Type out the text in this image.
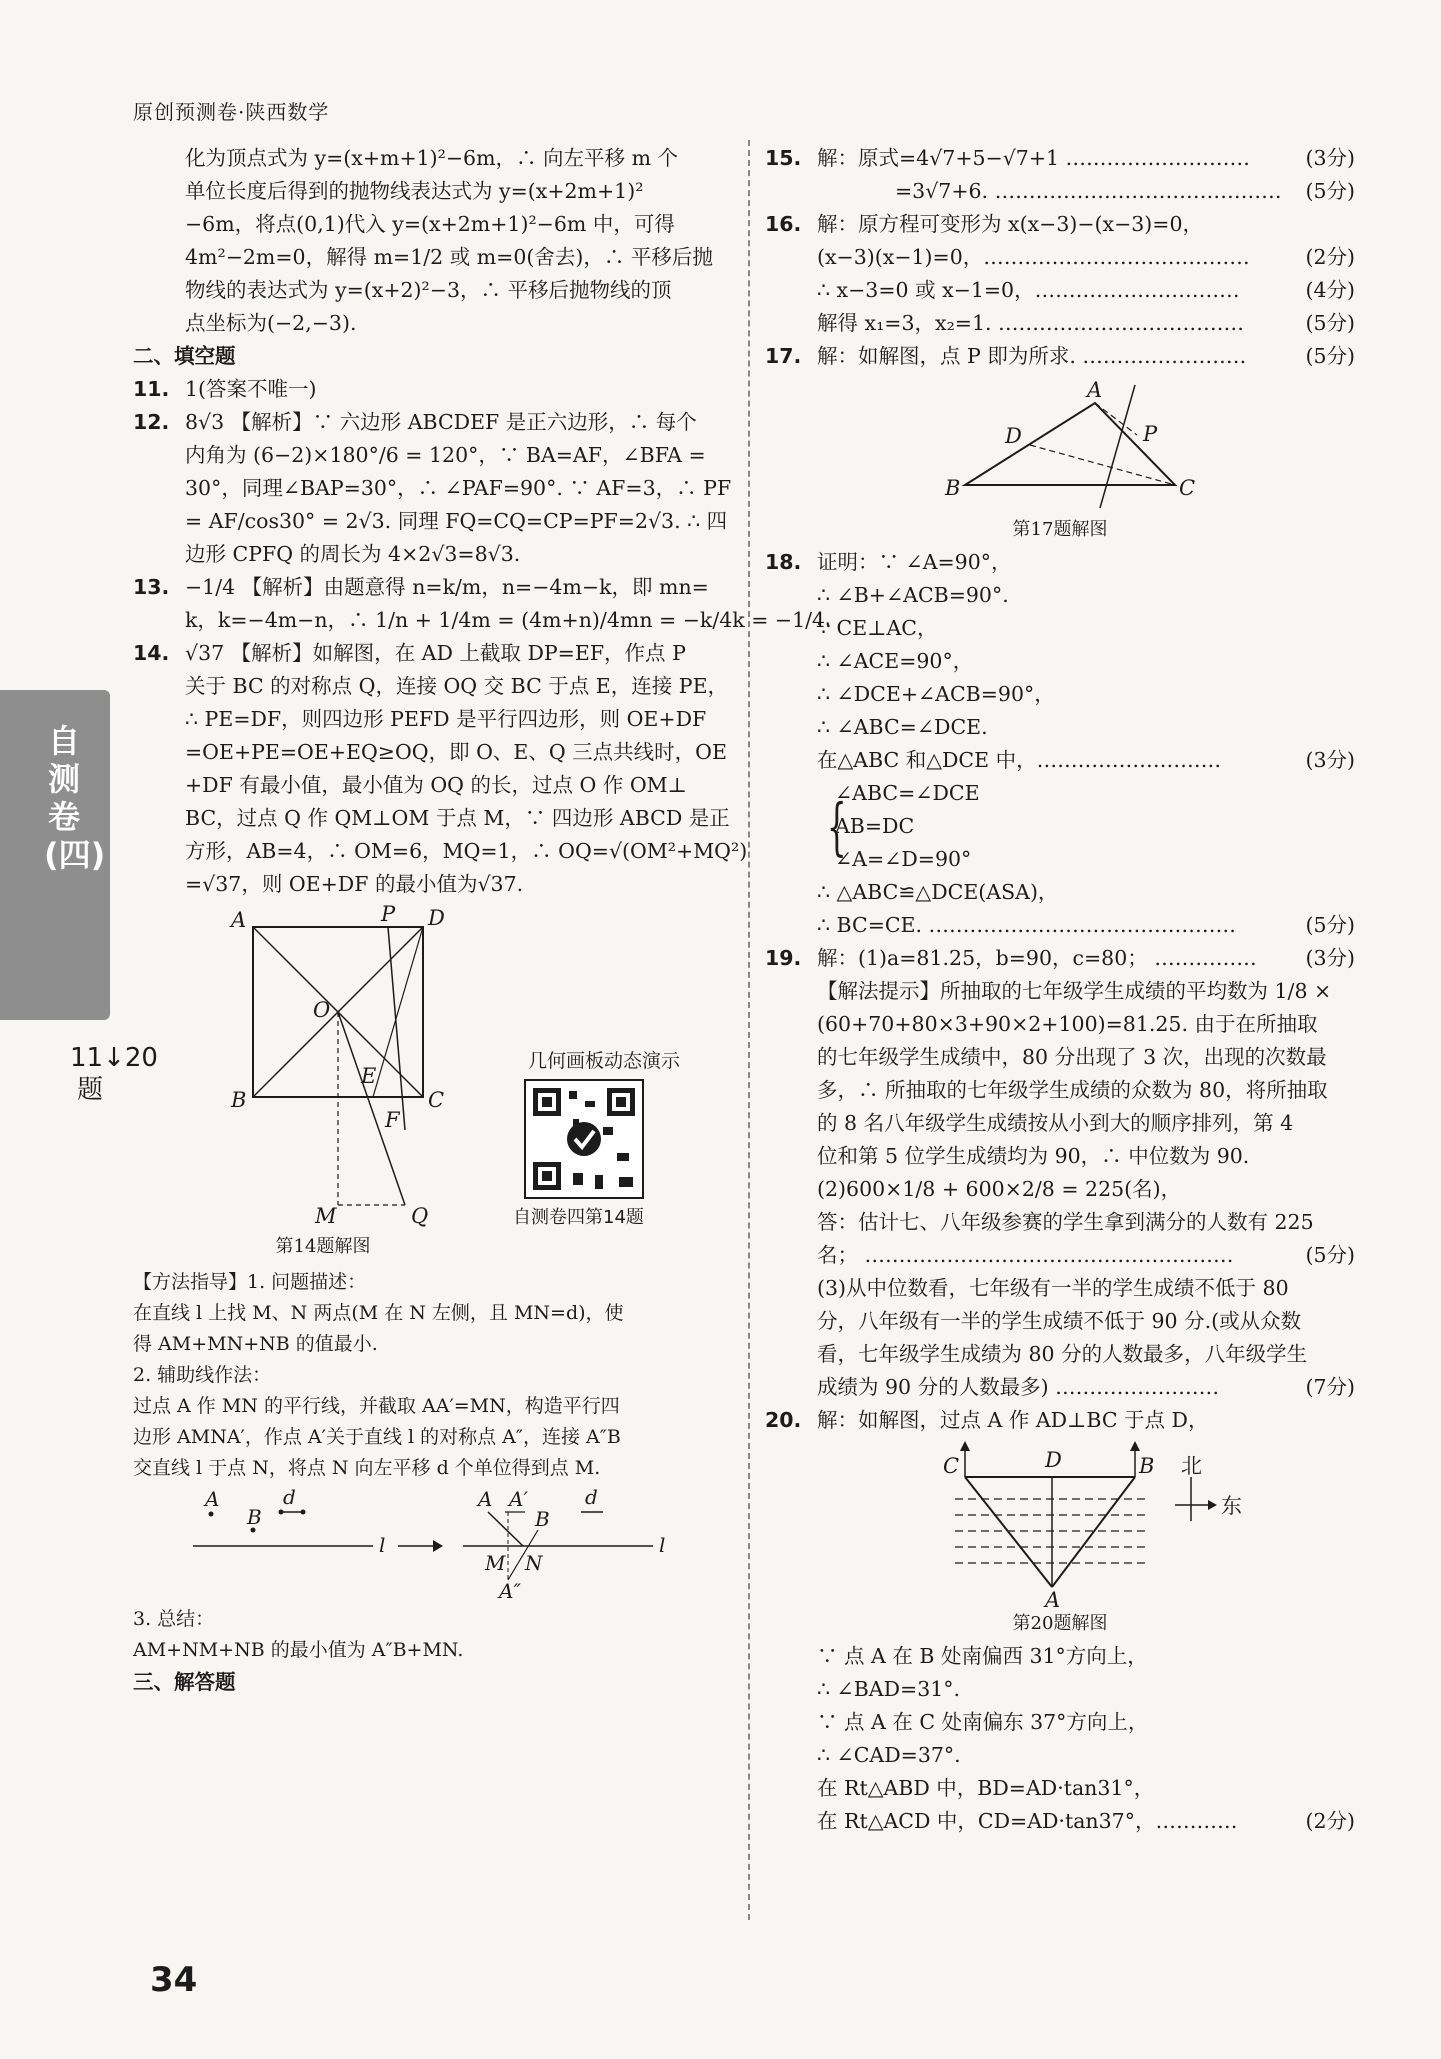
原创预测卷·陕西数学
自测卷(四)
11↓20题
化为顶点式为 y=(x+m+1)²−6m，∴ 向左平移 m 个
单位长度后得到的抛物线表达式为 y=(x+2m+1)²
−6m，将点(0,1)代入 y=(x+2m+1)²−6m 中，可得
4m²−2m=0，解得 m=1/2 或 m=0(舍去)，∴ 平移后抛
物线的表达式为 y=(x+2)²−3，∴ 平移后抛物线的顶
点坐标为(−2,−3).
二、填空题
11. 1(答案不唯一)
12. 8√3 【解析】∵ 六边形 ABCDEF 是正六边形，∴ 每个
内角为 (6−2)×180°/6 = 120°，∵ BA=AF，∠BFA =
30°，同理∠BAP=30°，∴ ∠PAF=90°. ∵ AF=3，∴ PF
= AF/cos30° = 2√3. 同理 FQ=CQ=CP=PF=2√3. ∴ 四
边形 CPFQ 的周长为 4×2√3=8√3.
13. −1/4 【解析】由题意得 n=k/m，n=−4m−k，即 mn=
k，k=−4m−n，∴ 1/n + 1/4m = (4m+n)/4mn = −k/4k = −1/4.
14. √37 【解析】如解图，在 AD 上截取 DP=EF，作点 P
关于 BC 的对称点 Q，连接 OQ 交 BC 于点 E，连接 PE，
∴ PE=DF，则四边形 PEFD 是平行四边形，则 OE+DF
=OE+PE=OE+EQ≥OQ，即 O、E、Q 三点共线时，OE
+DF 有最小值，最小值为 OQ 的长，过点 O 作 OM⊥
BC，过点 Q 作 QM⊥OM 于点 M，∵ 四边形 ABCD 是正
方形，AB=4，∴ OM=6，MQ=1，∴ OQ=√(OM²+MQ²)
=√37，则 OE+DF 的最小值为√37.
A	P D
O
B
E
C
F
M	Q
几何画板动态演示
自测卷四第14题
第14题解图
【方法指导】1. 问题描述：
在直线 l 上找 M、N 两点(M 在 N 左侧，且 MN=d)，使
得 AM+MN+NB 的值最小.
2. 辅助线作法：
过点 A 作 MN 的平行线，并截取 AA′=MN，构造平行四
边形 AMNA′，作点 A′关于直线 l 的对称点 A″，连接 A″B
交直线 l 于点 N，将点 N 向左平移 d 个单位得到点 M.
A	d
B
l
A A′	d
B
M N
l
A″
3. 总结：
AM+NM+NB 的最小值为 A″B+MN.
三、解答题
15. 解：原式=4√7+5−√7+1 ………………………	(3分)
=3√7+6. …………………………………… (5分)
16. 解：原方程可变形为 x(x−3)−(x−3)=0，
(x−3)(x−1)=0，…………………………………	(2分)
∴ x−3=0 或 x−1=0，…………………………	(4分)
解得 x₁=3，x₂=1. ………………………………	(5分)
17. 解：如解图，点 P 即为所求. ……………………	(5分)
A
D	P
B	C
第17题解图
18. 证明：∵ ∠A=90°，
∴ ∠B+∠ACB=90°.
∵ CE⊥AC，
∴ ∠ACE=90°，
∴ ∠DCE+∠ACB=90°，
∴ ∠ABC=∠DCE.
在△ABC 和△DCE 中，………………………	(3分)
{
∠ABC=∠DCE
AB=DC
∠A=∠D=90°
∴ △ABC≌△DCE(ASA)，
∴ BC=CE. ………………………………………	(5分)
19. 解：(1)a=81.25，b=90，c=80； …………… (3分)
【解法提示】所抽取的七年级学生成绩的平均数为 1/8 ×
(60+70+80×3+90×2+100)=81.25. 由于在所抽取
的七年级学生成绩中，80 分出现了 3 次，出现的次数最
多，∴ 所抽取的七年级学生成绩的众数为 80，将所抽取
的 8 名八年级学生成绩按从小到大的顺序排列，第 4
位和第 5 位学生成绩均为 90，∴ 中位数为 90.
(2)600×1/8 + 600×2/8 = 225(名)，
答：估计七、八年级参赛的学生拿到满分的人数有 225
名； ………………………………………………	(5分)
(3)从中位数看，七年级有一半的学生成绩不低于 80
分，八年级有一半的学生成绩不低于 90 分.(或从众数
看，七年级学生成绩为 80 分的人数最多，八年级学生
成绩为 90 分的人数最多) ……………………	(7分)
20. 解：如解图，过点 A 作 AD⊥BC 于点 D，
C	D	B
A
北
东
第20题解图
∵ 点 A 在 B 处南偏西 31°方向上，
∴ ∠BAD=31°.
∵ 点 A 在 C 处南偏东 37°方向上，
∴ ∠CAD=37°.
在 Rt△ABD 中，BD=AD·tan31°，
在 Rt△ACD 中，CD=AD·tan37°，…………	(2分)
34
